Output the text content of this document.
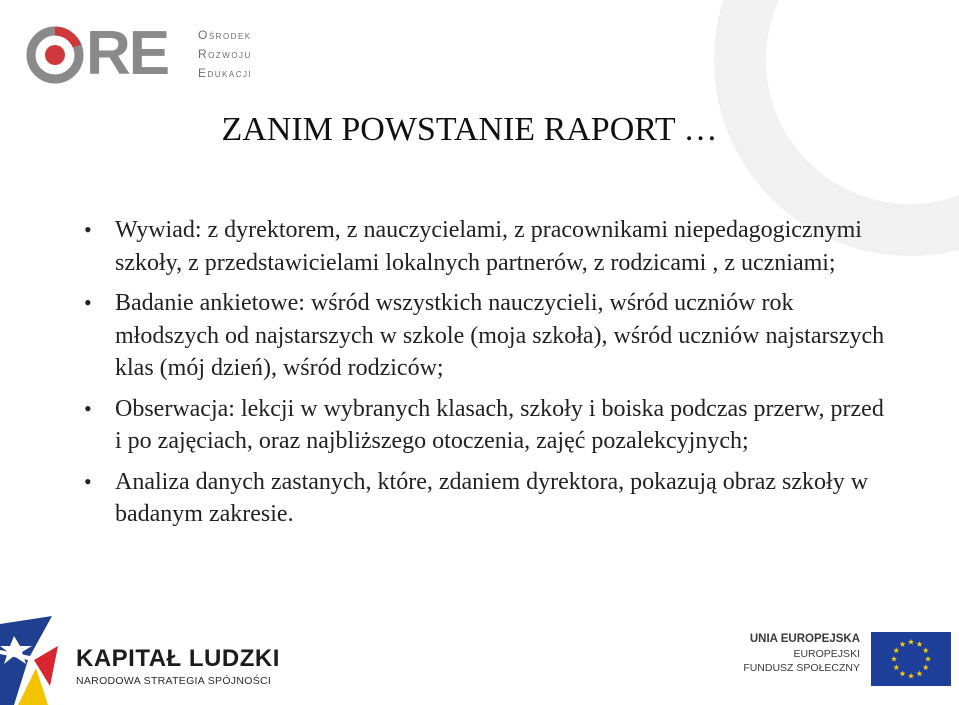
RE Ośrodek
Rozwoju
Edukacji
ZANIM POWSTANIE RAPORT …
• Wywiad: z dyrektorem, z nauczycielami, z pracownikami niepedagogicznymi szkoły, z przedstawicielami lokalnych partnerów, z rodzicami , z uczniami;
• Badanie ankietowe: wśród wszystkich nauczycieli, wśród uczniów rok młodszych od najstarszych w szkole (moja szkoła), wśród uczniów najstarszych klas (mój dzień), wśród rodziców;
• Obserwacja: lekcji w wybranych klasach, szkoły i boiska podczas przerw, przed i po zajęciach, oraz najbliższego otoczenia, zajęć pozalekcyjnych;
• Analiza danych zastanych, które, zdaniem dyrektora, pokazują obraz szkoły w badanym zakresie.
KAPITAŁ LUDZKI
NARODOWA STRATEGIA SPÓJNOŚCI
UNIA EUROPEJSKA
EUROPEJSKI
FUNDUSZ SPOŁECZNY
